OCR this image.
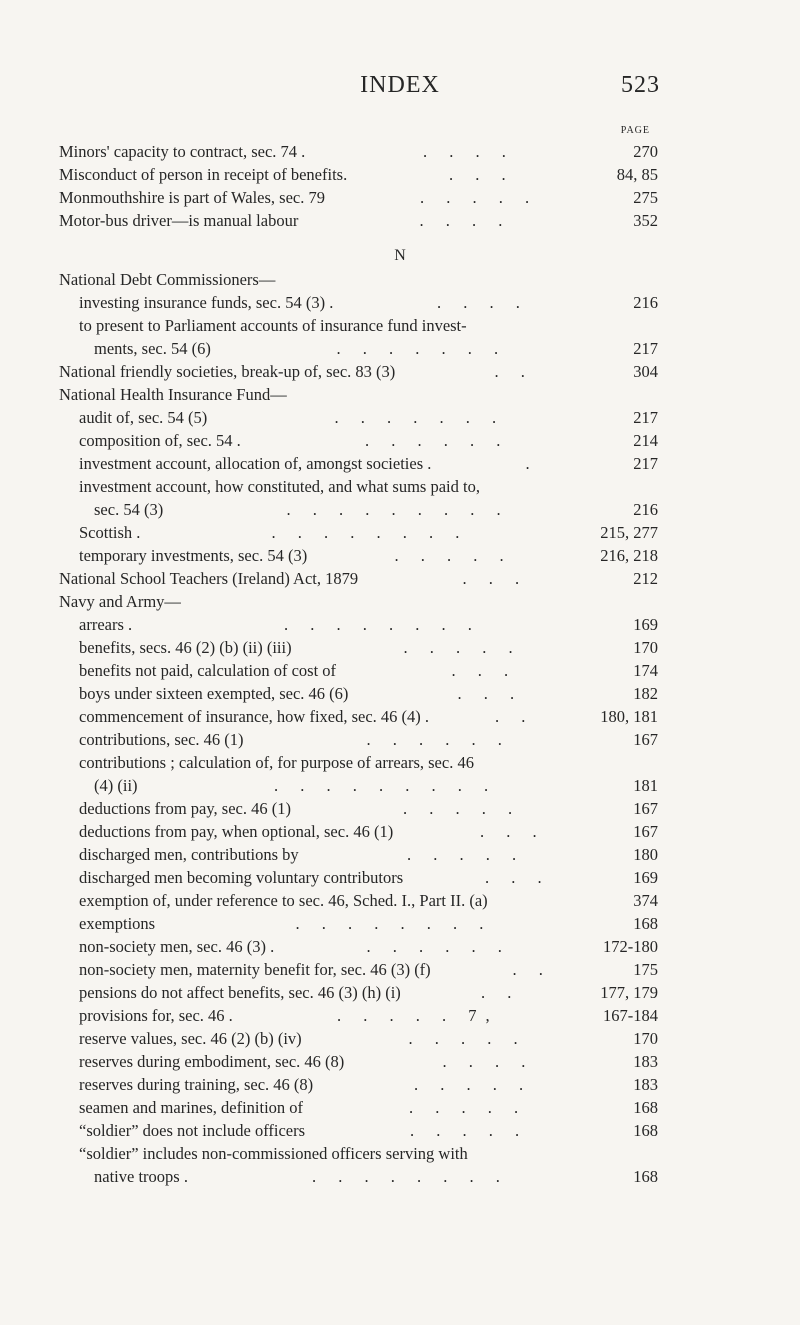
INDEX	523
PAGE
Minors' capacity to contract, sec. 74 .	. . . .	270
Misconduct of person in receipt of benefits.	. . .	84, 85
Monmouthshire is part of Wales, sec. 79	. . . . .	275
Motor-bus driver—is manual labour	. . . .	352
N
National Debt Commissioners—
investing insurance funds, sec. 54 (3) .	. . . .	216
to present to Parliament accounts of insurance fund invest-
ments, sec. 54 (6)	. . . . . . .	217
National friendly societies, break-up of, sec. 83 (3)	. .	304
National Health Insurance Fund—
audit of, sec. 54 (5)	. . . . . . .	217
composition of, sec. 54 .	. . . . . .	214
investment account, allocation of, amongst societies .	.	217
investment account, how constituted, and what sums paid to,
sec. 54 (3)	. . . . . . . . .	216
Scottish .	. . . . . . . .	215, 277
temporary investments, sec. 54 (3)	. . . . .	216, 218
National School Teachers (Ireland) Act, 1879	. . .	212
Navy and Army—
arrears .	. . . . . . . .	169
benefits, secs. 46 (2) (b) (ii) (iii)	. . . . .	170
benefits not paid, calculation of cost of	. . .	174
boys under sixteen exempted, sec. 46 (6)	. . .	182
commencement of insurance, how fixed, sec. 46 (4) .	. .	180, 181
contributions, sec. 46 (1)	. . . . . .	167
contributions ; calculation of, for purpose of arrears, sec. 46
(4) (ii)	. . . . . . . . .	181
deductions from pay, sec. 46 (1)	. . . . .	167
deductions from pay, when optional, sec. 46 (1)	. . .	167
discharged men, contributions by	. . . . .	180
discharged men becoming voluntary contributors	. . .	169
exemption of, under reference to sec. 46, Sched. I., Part II. (a)	374
exemptions	. . . . . . . .	168
non-society men, sec. 46 (3) .	. . . . . .	172-180
non-society men, maternity benefit for, sec. 46 (3) (f)	. .	175
pensions do not affect benefits, sec. 46 (3) (h) (i)	. .	177, 179
provisions for, sec. 46 .	. . . . . 7,	167-184
reserve values, sec. 46 (2) (b) (iv)	. . . . .	170
reserves during embodiment, sec. 46 (8)	. . . .	183
reserves during training, sec. 46 (8)	. . . . .	183
seamen and marines, definition of	. . . . .	168
“soldier” does not include officers	. . . . .	168
“soldier” includes non-commissioned officers serving with
native troops .	. . . . . . . .	168
